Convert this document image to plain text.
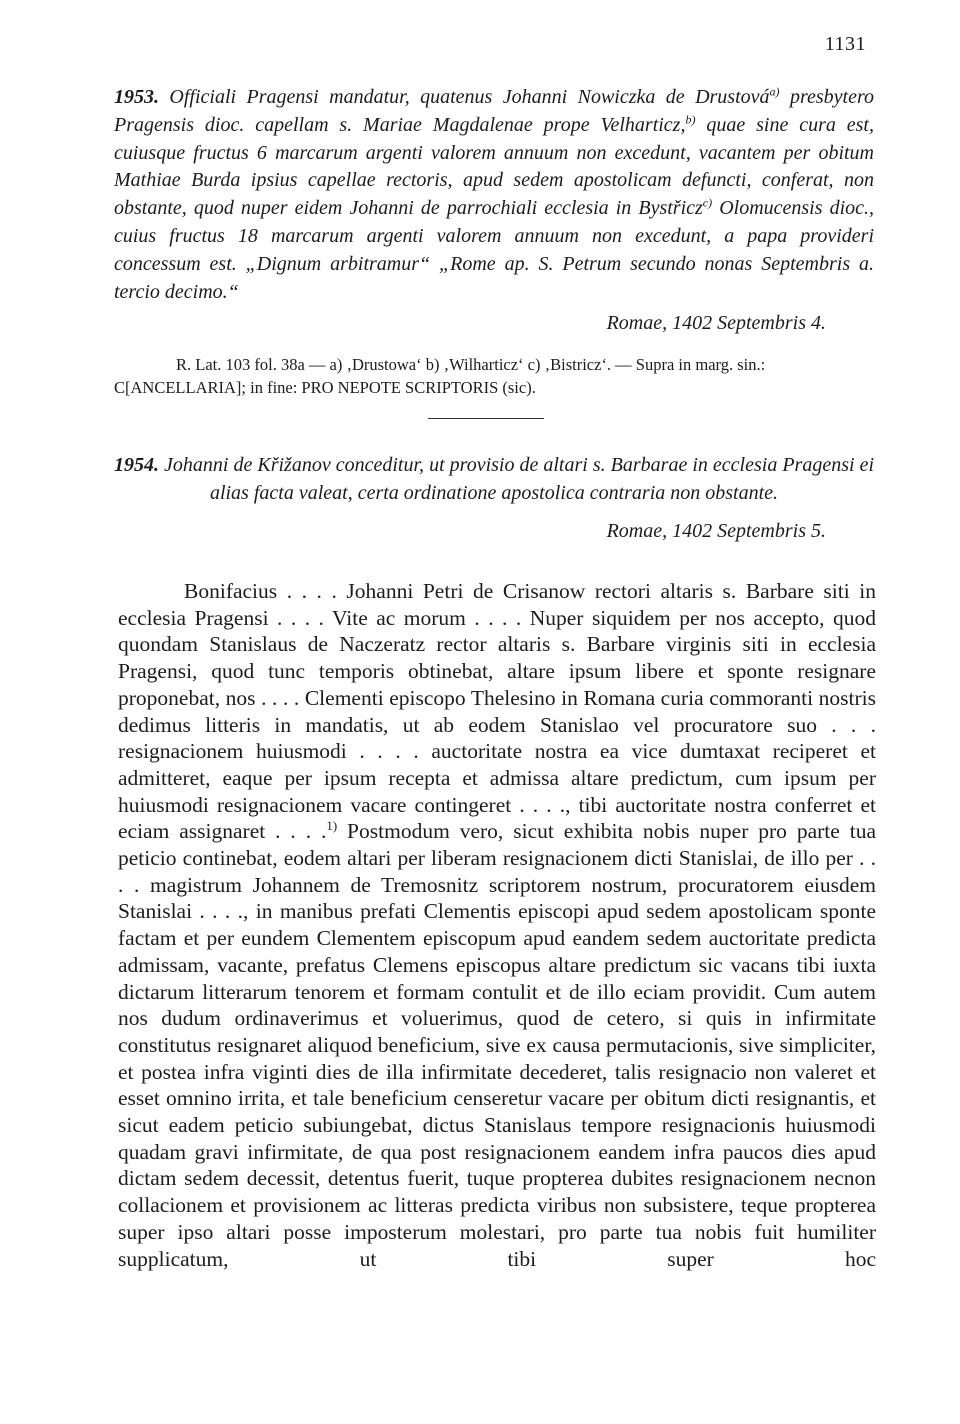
1131

1953. Officiali Pragensi mandatur, quatenus Johanni Nowiczka de Drustová$^{a)}$ presbytero Pragensis dioc. capellam s. Mariae Magdalenae prope Velharticz,$^{b)}$ quae sine cura est, cuiusque fructus 6 marcarum argenti valorem annuum non excedunt, vacantem per obitum Mathiae Burda ipsius capellae rectoris, apud sedem apostolicam defuncti, conferat, non obstante, quod nuper eidem Johanni de parrochiali ecclesia in Bystřicz$^{c)}$ Olomucensis dioc., cuius fructus 18 marcarum argenti valorem annuum non excedunt, a papa provideri concessum est. „Dignum arbitramur“ „Rome ap. S. Petrum secundo nonas Septembris a. tercio decimo.“

Romae, 1402 Septembris 4.

R. Lat. 103 fol. 38a — a) ‚Drustowa‘ b) ‚Wilharticz‘ c) ‚Bistricz‘. — Supra in marg. sin.:
C[ANCELLARIA]; in fine: PRO NEPOTE SCRIPTORIS (sic).

1954. Johanni de Křižanov conceditur, ut provisio de altari s. Barbarae in ecclesia Pragensi ei alias facta valeat, certa ordinatione apostolica contraria non obstante.

Romae, 1402 Septembris 5.

Bonifacius . . . . Johanni Petri de Crisanow rectori altaris s. Barbare siti in ecclesia Pragensi . . . . Vite ac morum . . . . Nuper siquidem per nos accepto, quod quondam Stanislaus de Naczeratz rector altaris s. Barbare virginis siti in ecclesia Pragensi, quod tunc temporis obtinebat, altare ipsum libere et sponte resignare proponebat, nos . . . . Clementi episcopo Thelesino in Romana curia commoranti nostris dedimus litteris in mandatis, ut ab eodem Stanislao vel procuratore suo . . . resignacionem huiusmodi . . . . auctoritate nostra ea vice dumtaxat reciperet et admitteret, eaque per ipsum recepta et admissa altare predictum, cum ipsum per huiusmodi resignacionem vacare contingeret . . . ., tibi auctoritate nostra conferret et eciam assignaret . . . .$^{1)}$ Postmodum vero, sicut exhibita nobis nuper pro parte tua peticio continebat, eodem altari per liberam resignacionem dicti Stanislai, de illo per . . . . magistrum Johannem de Tremosnitz scriptorem nostrum, procuratorem eiusdem Stanislai . . . ., in manibus prefati Clementis episcopi apud sedem apostolicam sponte factam et per eundem Clementem episcopum apud eandem sedem auctoritate predicta admissam, vacante, prefatus Clemens episcopus altare predictum sic vacans tibi iuxta dictarum litterarum tenorem et formam contulit et de illo eciam providit. Cum autem nos dudum ordinaverimus et voluerimus, quod de cetero, si quis in infirmitate constitutus resignaret aliquod beneficium, sive ex causa permutacionis, sive simpliciter, et postea infra viginti dies de illa infirmitate decederet, talis resignacio non valeret et esset omnino irrita, et tale beneficium censeretur vacare per obitum dicti resignantis, et sicut eadem peticio subiungebat, dictus Stanislaus tempore resignacionis huiusmodi quadam gravi infirmitate, de qua post resignacionem eandem infra paucos dies apud dictam sedem decessit, detentus fuerit, tuque propterea dubites resignacionem necnon collacionem et provisionem ac litteras predicta viribus non subsistere, teque propterea super ipso altari posse imposterum molestari, pro parte tua nobis fuit humiliter supplicatum, ut tibi super hoc
